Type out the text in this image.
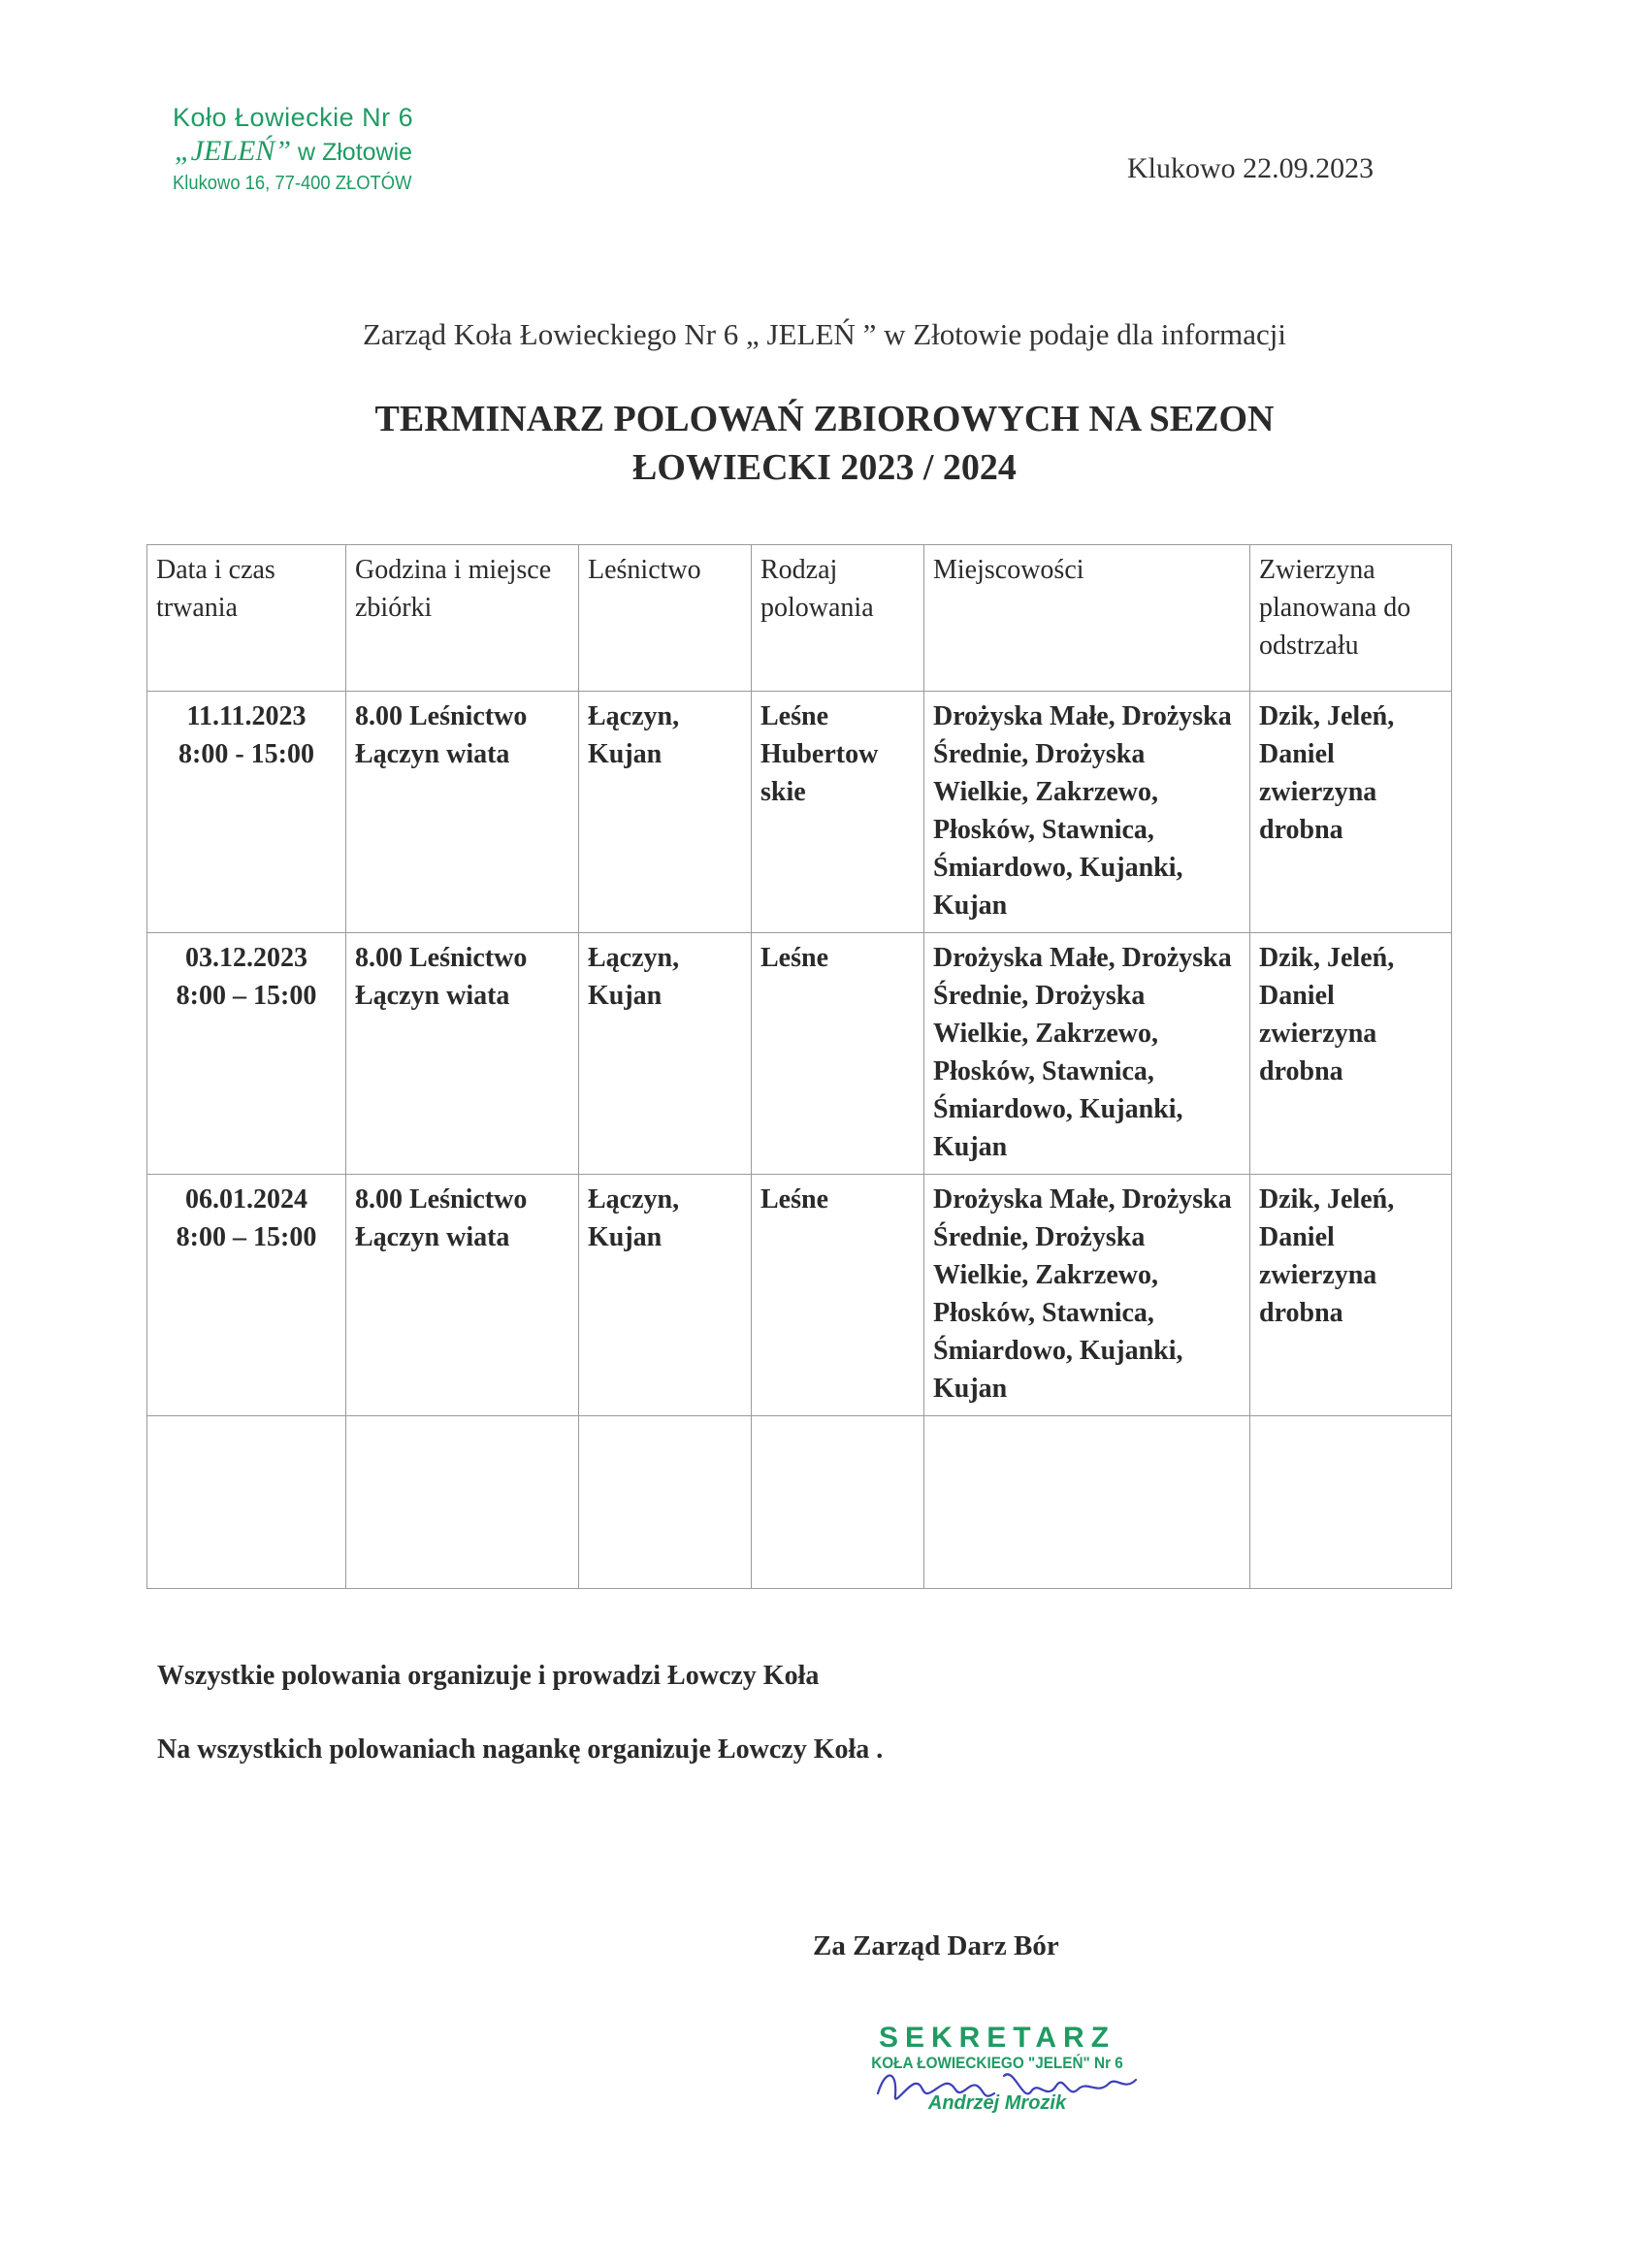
Koło Łowieckie Nr 6
„JELEŃ” w Złotowie
Klukowo 16, 77-400 ZŁOTÓW	Klukowo 22.09.2023
Zarząd Koła Łowieckiego Nr 6 „ JELEŃ ” w Złotowie podaje dla informacji
TERMINARZ POLOWAŃ ZBIOROWYCH NA SEZON
ŁOWIECKI 2023 / 2024
Data i czas trwania	Godzina i miejsce zbiórki	Leśnictwo	Rodzaj polowania	Miejscowości	Zwierzyna planowana do odstrzału

11.11.2023
8:00 - 15:00	8.00 Leśnictwo Łączyn wiata	Łączyn, Kujan	Leśne Hubertow skie	Drożyska Małe, Drożyska Średnie, Drożyska Wielkie, Zakrzewo, Płosków, Stawnica, Śmiardowo, Kujanki, Kujan	Dzik, Jeleń, Daniel zwierzyna drobna

03.12.2023
8:00 – 15:00	8.00 Leśnictwo Łączyn wiata	Łączyn, Kujan	Leśne	Drożyska Małe, Drożyska Średnie, Drożyska Wielkie, Zakrzewo, Płosków, Stawnica, Śmiardowo, Kujanki, Kujan	Dzik, Jeleń, Daniel zwierzyna drobna

06.01.2024
8:00 – 15:00	8.00 Leśnictwo Łączyn wiata	Łączyn, Kujan	Leśne	Drożyska Małe, Drożyska Średnie, Drożyska Wielkie, Zakrzewo, Płosków, Stawnica, Śmiardowo, Kujanki, Kujan	Dzik, Jeleń, Daniel zwierzyna drobna

Wszystkie polowania organizuje i prowadzi Łowczy Koła
Na wszystkich polowaniach nagankę organizuje Łowczy Koła .
Za Zarząd Darz Bór
SEKRETARZ
KOŁA ŁOWIECKIEGO "JELEŃ" Nr 6
Andrzej Mrozik
